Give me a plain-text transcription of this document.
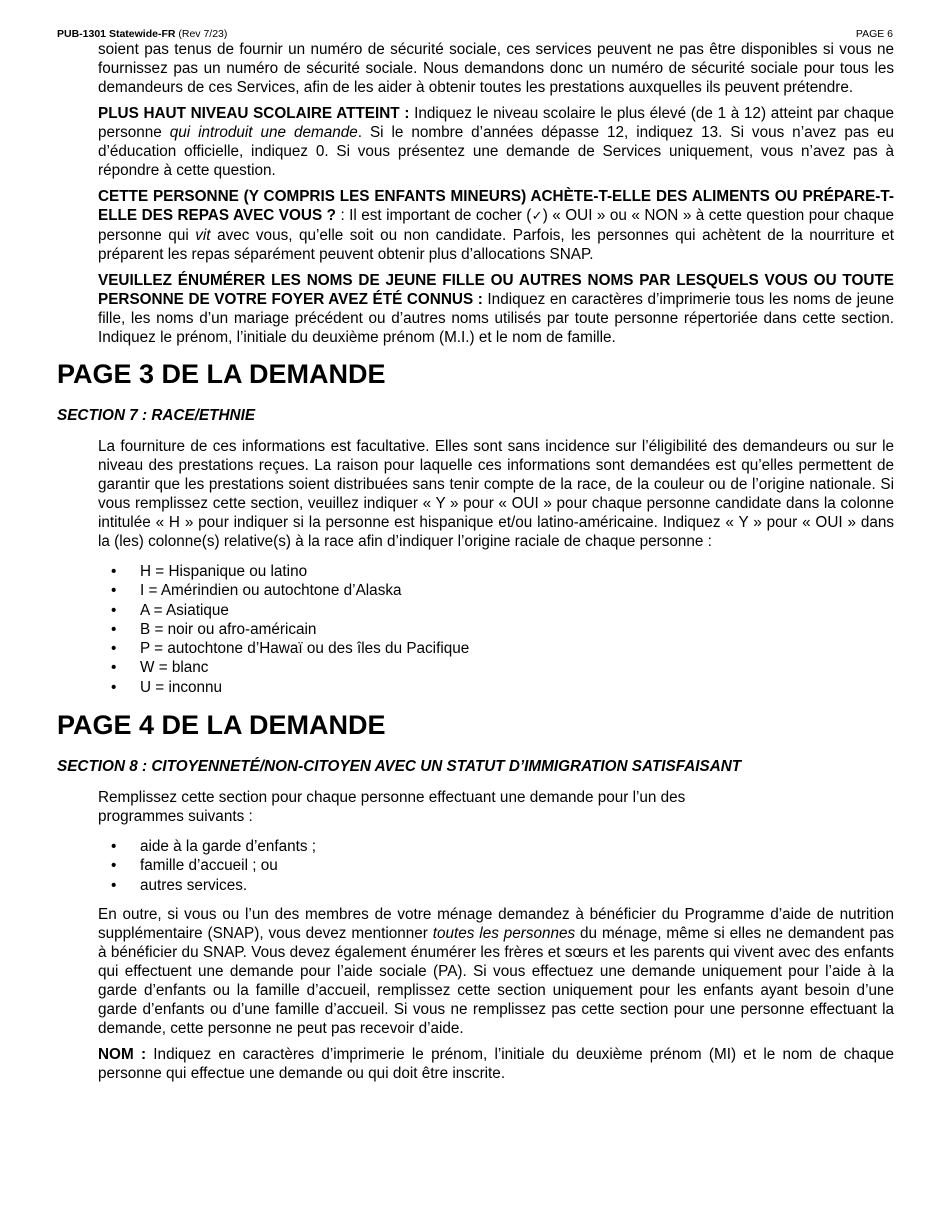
PUB-1301 Statewide-FR (Rev 7/23)	PAGE 6

soient pas tenus de fournir un numéro de sécurité sociale, ces services peuvent ne pas être disponibles si vous ne fournissez pas un numéro de sécurité sociale. Nous demandons donc un numéro de sécurité sociale pour tous les demandeurs de ces Services, afin de les aider à obtenir toutes les prestations auxquelles ils peuvent prétendre.

PLUS HAUT NIVEAU SCOLAIRE ATTEINT : Indiquez le niveau scolaire le plus élevé (de 1 à 12) atteint par chaque personne qui introduit une demande. Si le nombre d’années dépasse 12, indiquez 13. Si vous n’avez pas eu d’éducation officielle, indiquez 0. Si vous présentez une demande de Services uniquement, vous n’avez pas à répondre à cette question.

CETTE PERSONNE (Y COMPRIS LES ENFANTS MINEURS) ACHÈTE-T-ELLE DES ALIMENTS OU PRÉPARE-T-ELLE DES REPAS AVEC VOUS ? : Il est important de cocher (✓) « OUI » ou « NON » à cette question pour chaque personne qui vit avec vous, qu’elle soit ou non candidate. Parfois, les personnes qui achètent de la nourriture et préparent les repas séparément peuvent obtenir plus d’allocations SNAP.

VEUILLEZ ÉNUMÉRER LES NOMS DE JEUNE FILLE OU AUTRES NOMS PAR LESQUELS VOUS OU TOUTE PERSONNE DE VOTRE FOYER AVEZ ÉTÉ CONNUS : Indiquez en caractères d’imprimerie tous les noms de jeune fille, les noms d’un mariage précédent ou d’autres noms utilisés par toute personne répertoriée dans cette section. Indiquez le prénom, l’initiale du deuxième prénom (M.I.) et le nom de famille.

PAGE 3 DE LA DEMANDE
SECTION 7 : RACE/ETHNIE

La fourniture de ces informations est facultative. Elles sont sans incidence sur l’éligibilité des demandeurs ou sur le niveau des prestations reçues. La raison pour laquelle ces informations sont demandées est qu’elles permettent de garantir que les prestations soient distribuées sans tenir compte de la race, de la couleur ou de l’origine nationale. Si vous remplissez cette section, veuillez indiquer « Y » pour « OUI » pour chaque personne candidate dans la colonne intitulée « H » pour indiquer si la personne est hispanique et/ou latino-américaine. Indiquez « Y » pour « OUI » dans la (les) colonne(s) relative(s) à la race afin d’indiquer l’origine raciale de chaque personne :

• H = Hispanique ou latino
• I = Amérindien ou autochtone d’Alaska
• A = Asiatique
• B = noir ou afro-américain
• P = autochtone d’Hawaï ou des îles du Pacifique
• W = blanc
• U = inconnu
PAGE 4 DE LA DEMANDE
SECTION 8 : CITOYENNETÉ/NON-CITOYEN AVEC UN STATUT D’IMMIGRATION SATISFAISANT

Remplissez cette section pour chaque personne effectuant une demande pour l’un des
programmes suivants :

• aide à la garde d’enfants ;
• famille d’accueil ; ou
• autres services.

En outre, si vous ou l’un des membres de votre ménage demandez à bénéficier du Programme d’aide de nutrition supplémentaire (SNAP), vous devez mentionner toutes les personnes du ménage, même si elles ne demandent pas à bénéficier du SNAP. Vous devez également énumérer les frères et sœurs et les parents qui vivent avec des enfants qui effectuent une demande pour l’aide sociale (PA). Si vous effectuez une demande uniquement pour l’aide à la garde d’enfants ou la famille d’accueil, remplissez cette section uniquement pour les enfants ayant besoin d’une garde d’enfants ou d’une famille d’accueil. Si vous ne remplissez pas cette section pour une personne effectuant la demande, cette personne ne peut pas recevoir d’aide.

NOM : Indiquez en caractères d’imprimerie le prénom, l’initiale du deuxième prénom (MI) et le nom de chaque personne qui effectue une demande ou qui doit être inscrite.
